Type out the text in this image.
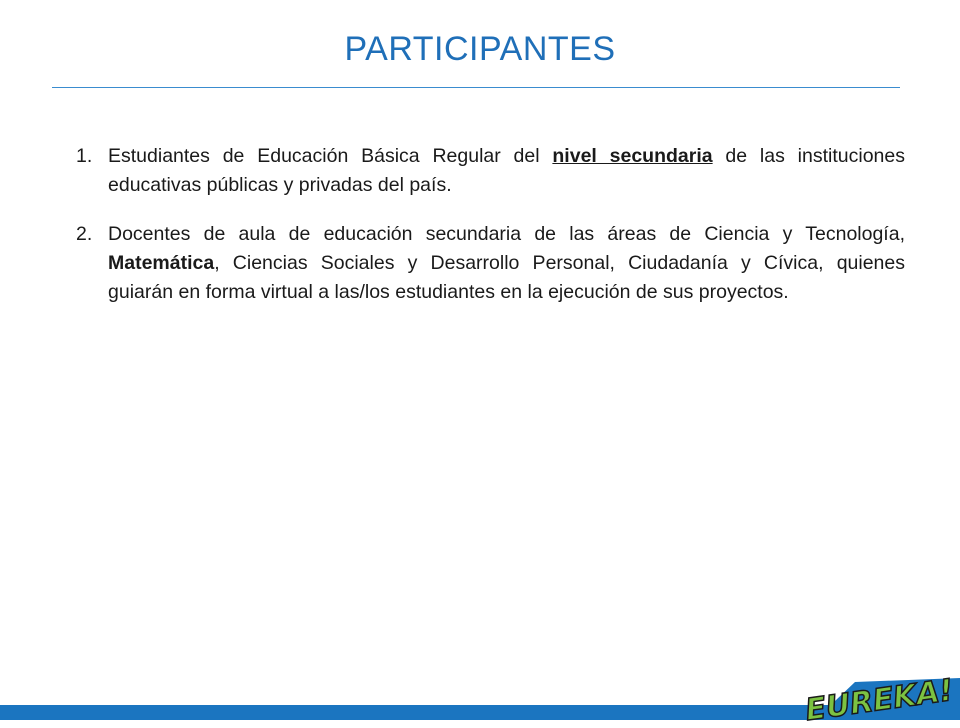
PARTICIPANTES
1. Estudiantes de Educación Básica Regular del nivel secundaria de las instituciones educativas públicas y privadas del país.
2. Docentes de aula de educación secundaria de las áreas de Ciencia y Tecnología, Matemática, Ciencias Sociales y Desarrollo Personal, Ciudadanía y Cívica, quienes guiarán en forma virtual a las/los estudiantes en la ejecución de sus proyectos.
EUREKA!
